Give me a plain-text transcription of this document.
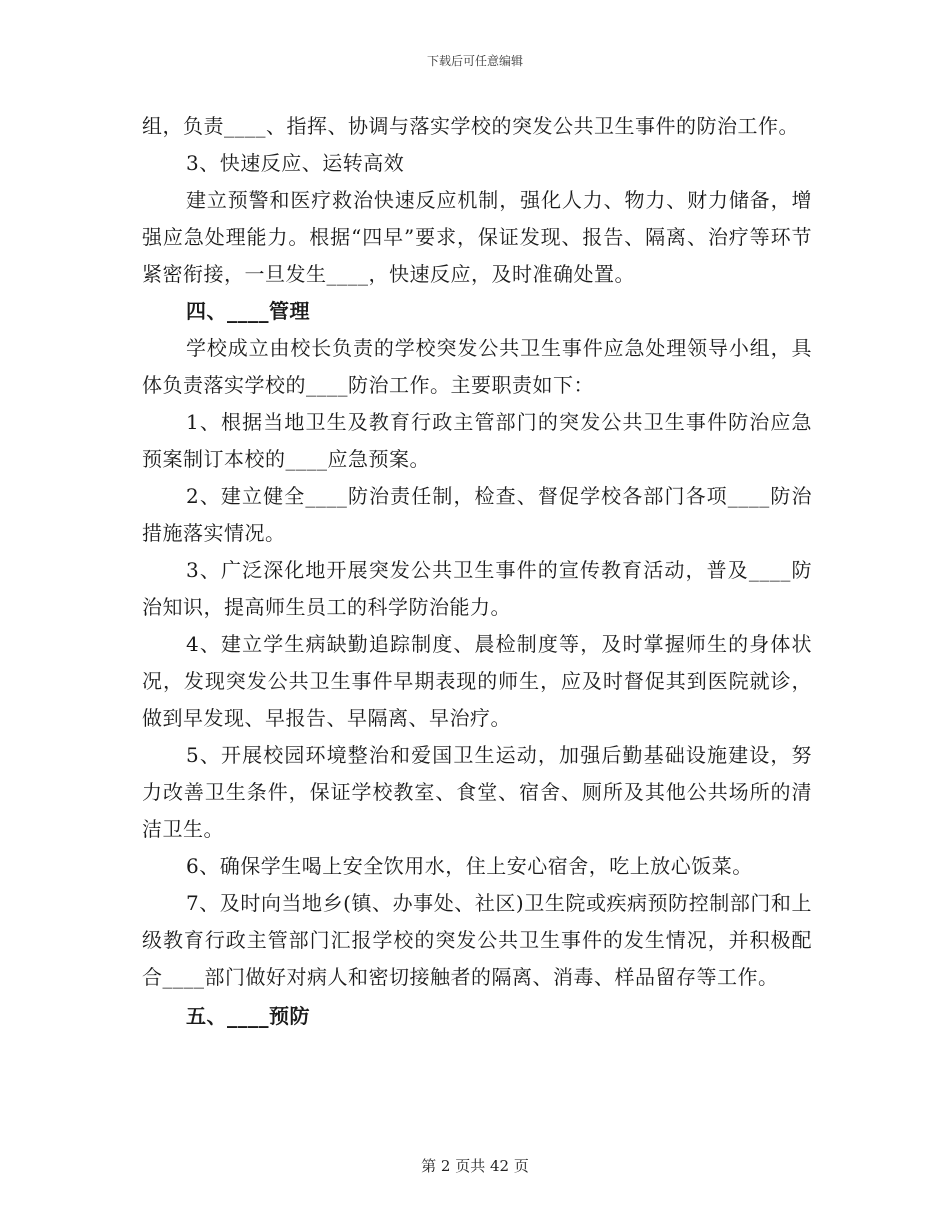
下载后可任意编辑

组，负责____、指挥、协调与落实学校的突发公共卫生事件的防治工作。

3、快速反应、运转高效

建立预警和医疗救治快速反应机制，强化人力、物力、财力储备，增强应急处理能力。根据“四早”要求，保证发现、报告、隔离、治疗等环节紧密衔接，一旦发生____，快速反应，及时准确处置。

四、____管理

学校成立由校长负责的学校突发公共卫生事件应急处理领导小组，具体负责落实学校的____防治工作。主要职责如下：

1、根据当地卫生及教育行政主管部门的突发公共卫生事件防治应急预案制订本校的____应急预案。

2、建立健全____防治责任制，检查、督促学校各部门各项____防治措施落实情况。

3、广泛深化地开展突发公共卫生事件的宣传教育活动，普及____防治知识，提高师生员工的科学防治能力。

4、建立学生病缺勤追踪制度、晨检制度等，及时掌握师生的身体状况，发现突发公共卫生事件早期表现的师生，应及时督促其到医院就诊，做到早发现、早报告、早隔离、早治疗。

5、开展校园环境整治和爱国卫生运动，加强后勤基础设施建设，努力改善卫生条件，保证学校教室、食堂、宿舍、厕所及其他公共场所的清洁卫生。

6、确保学生喝上安全饮用水，住上安心宿舍，吃上放心饭菜。

7、及时向当地乡(镇、办事处、社区)卫生院或疾病预防控制部门和上级教育行政主管部门汇报学校的突发公共卫生事件的发生情况，并积极配合____部门做好对病人和密切接触者的隔离、消毒、样品留存等工作。

五、____预防

第 2 页共 42 页
